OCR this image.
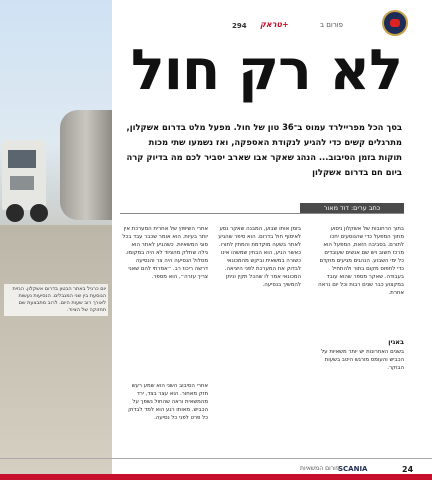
יום כרגיל באתר הבטון בדרום אשקלון. הגזית הנוסעת בין שני המגבלים. הנסיעות נעשות לאורך רוב שעות היום. לרוב מתבצעת שם תחזוקה של הציוד.
294 טראק+	פורום ב
לא רק חול
בסך הכל מפריילרד עמוס ב־36 טון של חול. מפעל מלט בדרום אשקלון, מתרגלים קשים כדי להגיע לנקודת האספקה, ואז נשמעו שתי מכות תוקות בזמן הסיבוב... הנהג שאקר אבו שארב יסביר לכם מה בדיוק קרה ביום חם בדרום אשקלון
כתב ערים: דוד מאור
בתוך הרחובות של אשקלון ניסוע מתוך המפעל כדי שהנוסעים יחכו לתורם. בסביבה הזאת, המפעל הוא מרכז חשוב ויש שם אנשים שעובדים כל ימי השבוע. הנהגים מגיעים מוקדם כדי לתפוס מקום בתור ולהתחיל בעבודה. שאקר מספר שהוא עובד במקצוע כבר שנים רבות וכל יום נראה אחרת.
בזמן אותו שבוע, המבנה שאקר נסע לאיסוף חול בדרום. הוא סיפר שהגיע לאתר בשעה מוקדמת והמתין לתורו. כאשר הגיע, הוא הבחין שמשהו אינו כשורה במשאית וביקש מהמכונאי לבדוק את המערכת לפני היציאה. המכונאי אמר לו שהכל תקין וניתן להמשיך בנסיעה.
אחרי השיפוץ של אחרית המערכת אין יותר בעיות. הוא אומר שכבר עבד בכל סוגי המשאיות. כשהגיע לאתר הוא גילה שחלק מהציוד לא היה במקומו. מסלול הנסיעה היה צר והנסיעה דרשה ריכוז רב. ״אמרתי להם שאני צריך עזרה״, הוא מספר.
באגין
בשנים האחרונות יש יותר משאיות על הכביש והעומס מורגש היטב בשעות הבוקר.
אחרי הסיבוב השני הוא שמע רעש חזק מאחור. הוא עצר בצד, ירד מהמשאית וראה שהחול נשפך על הכביש. מאותו רגע הוא למד לבדוק כל פרט לפני כל נסיעה.
24
SCANIA
פורום המשאיות
